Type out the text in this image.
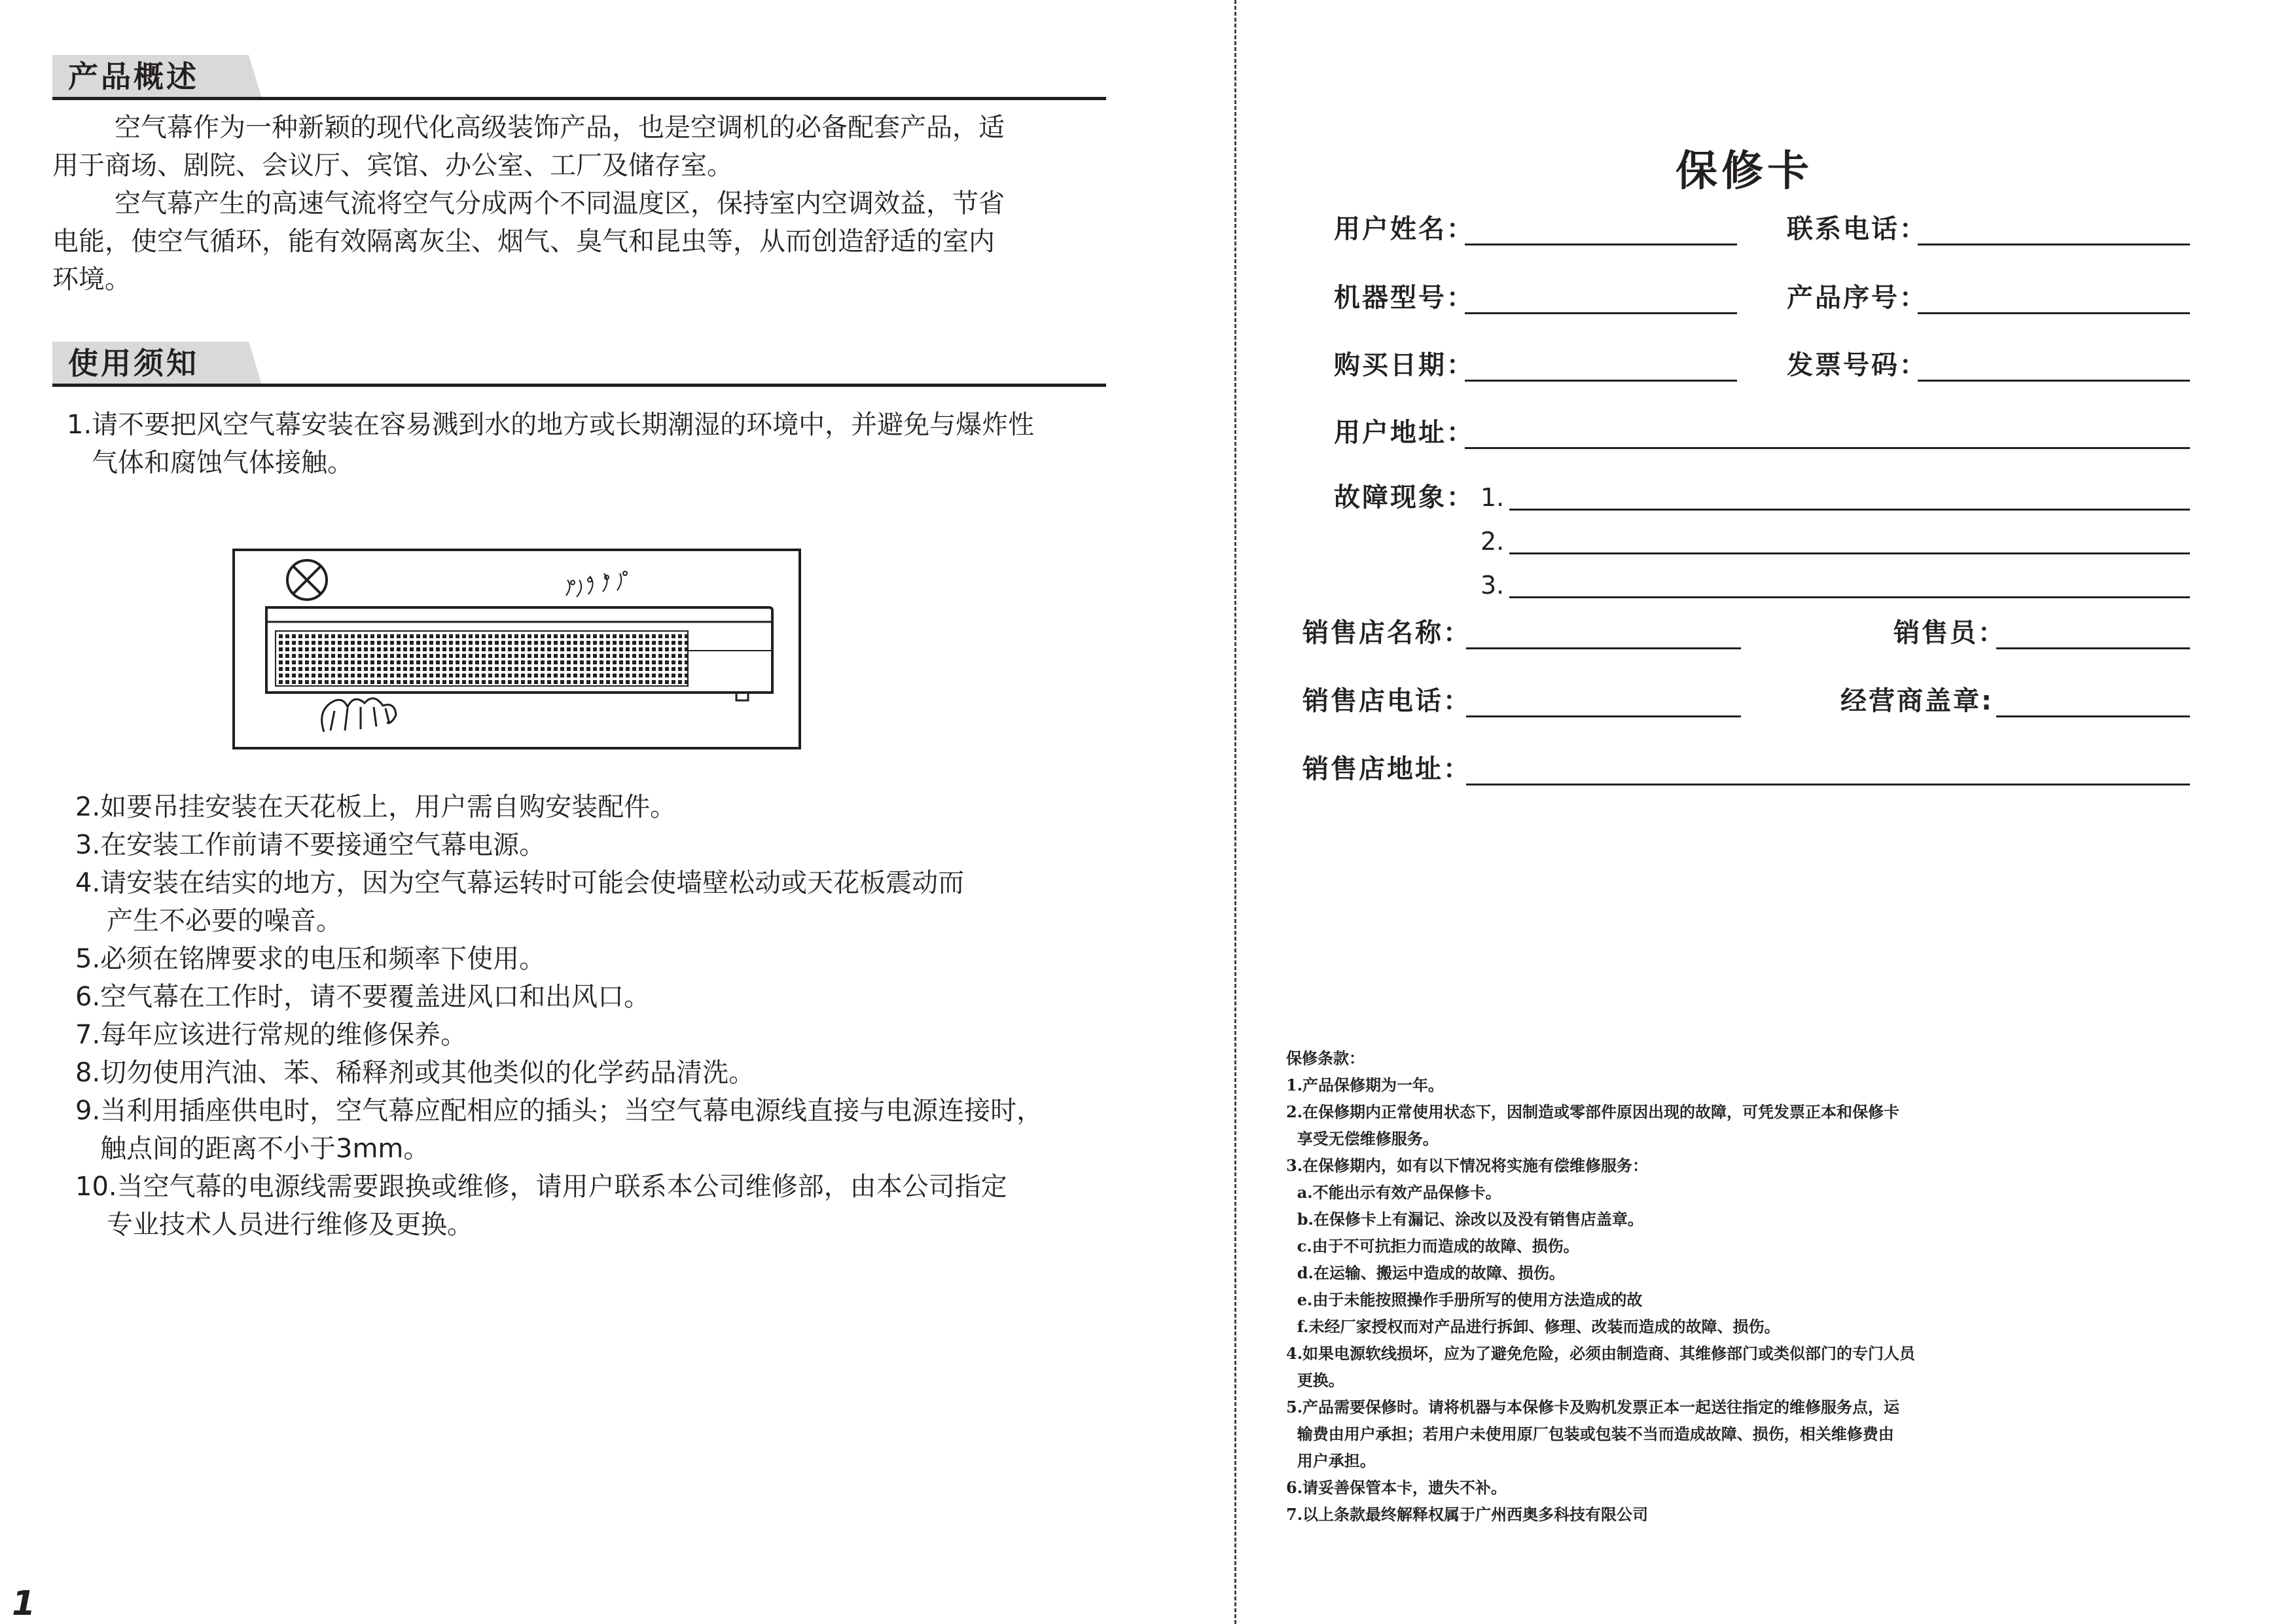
产品概述
空气幕作为一种新颖的现代化高级装饰产品，也是空调机的必备配套产品，适
用于商场、剧院、会议厅、宾馆、办公室、工厂及储存室。
空气幕产生的高速气流将空气分成两个不同温度区，保持室内空调效益，节省
电能，使空气循环，能有效隔离灰尘、烟气、臭气和昆虫等，从而创造舒适的室内
环境。
使用须知
1.请不要把风空气幕安装在容易溅到水的地方或长期潮湿的环境中，并避免与爆炸性
气体和腐蚀气体接触。
2.如要吊挂安装在天花板上，用户需自购安装配件。
3.在安装工作前请不要接通空气幕电源。
4.请安装在结实的地方，因为空气幕运转时可能会使墙壁松动或天花板震动而
产生不必要的噪音。
5.必须在铭牌要求的电压和频率下使用。
6.空气幕在工作时，请不要覆盖进风口和出风口。
7.每年应该进行常规的维修保养。
8.切勿使用汽油、苯、稀释剂或其他类似的化学药品清洗。
9.当利用插座供电时，空气幕应配相应的插头；当空气幕电源线直接与电源连接时，
触点间的距离不小于3mm。
10.当空气幕的电源线需要跟换或维修，请用户联系本公司维修部，由本公司指定
专业技术人员进行维修及更换。
1
保修卡
用户姓名：	联系电话：
机器型号：	产品序号：
购买日期：	发票号码：
用户地址：
故障现象： 1.
2.
3.
销售店名称：	销售员：
销售店电话：	经营商盖章:
销售店地址：
保修条款：
1.产品保修期为一年。
2.在保修期内正常使用状态下，因制造或零部件原因出现的故障，可凭发票正本和保修卡
享受无偿维修服务。
3.在保修期内，如有以下情况将实施有偿维修服务：
a.不能出示有效产品保修卡。
b.在保修卡上有漏记、涂改以及没有销售店盖章。
c.由于不可抗拒力而造成的故障、损伤。
d.在运输、搬运中造成的故障、损伤。
e.由于未能按照操作手册所写的使用方法造成的故
f.未经厂家授权而对产品进行拆卸、修理、改装而造成的故障、损伤。
4.如果电源软线损坏，应为了避免危险，必须由制造商、其维修部门或类似部门的专门人员
更换。
5.产品需要保修时。请将机器与本保修卡及购机发票正本一起送往指定的维修服务点，运
输费由用户承担；若用户未使用原厂包装或包装不当而造成故障、损伤，相关维修费由
用户承担。
6.请妥善保管本卡，遗失不补。
7.以上条款最终解释权属于广州西奥多科技有限公司
